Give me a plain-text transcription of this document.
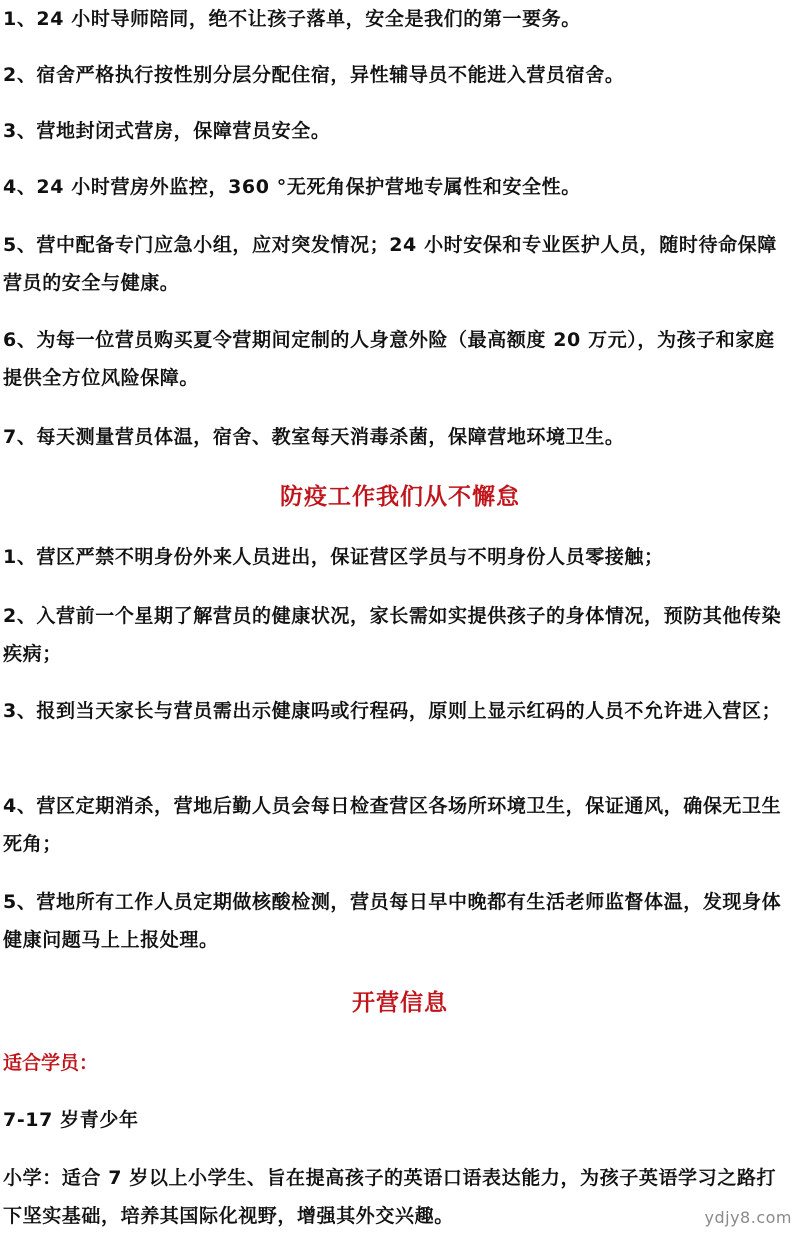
1、24 小时导师陪同，绝不让孩子落单，安全是我们的第一要务。

2、宿舍严格执行按性别分层分配住宿，异性辅导员不能进入营员宿舍。

3、营地封闭式营房，保障营员安全。

4、24 小时营房外监控，360 °无死角保护营地专属性和安全性。

5、营中配备专门应急小组，应对突发情况；24 小时安保和专业医护人员，随时待命保障营员的安全与健康。

6、为每一位营员购买夏令营期间定制的人身意外险（最高额度 20 万元），为孩子和家庭提供全方位风险保障。

7、每天测量营员体温，宿舍、教室每天消毒杀菌，保障营地环境卫生。

防疫工作我们从不懈怠

1、营区严禁不明身份外来人员进出，保证营区学员与不明身份人员零接触；

2、入营前一个星期了解营员的健康状况，家长需如实提供孩子的身体情况，预防其他传染疾病；

3、报到当天家长与营员需出示健康吗或行程码，原则上显示红码的人员不允许进入营区；

4、营区定期消杀，营地后勤人员会每日检查营区各场所环境卫生，保证通风，确保无卫生死角；

5、营地所有工作人员定期做核酸检测，营员每日早中晚都有生活老师监督体温，发现身体健康问题马上上报处理。

开营信息

适合学员：

7-17 岁青少年

小学：适合 7 岁以上小学生、旨在提高孩子的英语口语表达能力，为孩子英语学习之路打下坚实基础，培养其国际化视野，增强其外交兴趣。	ydjy8.com
